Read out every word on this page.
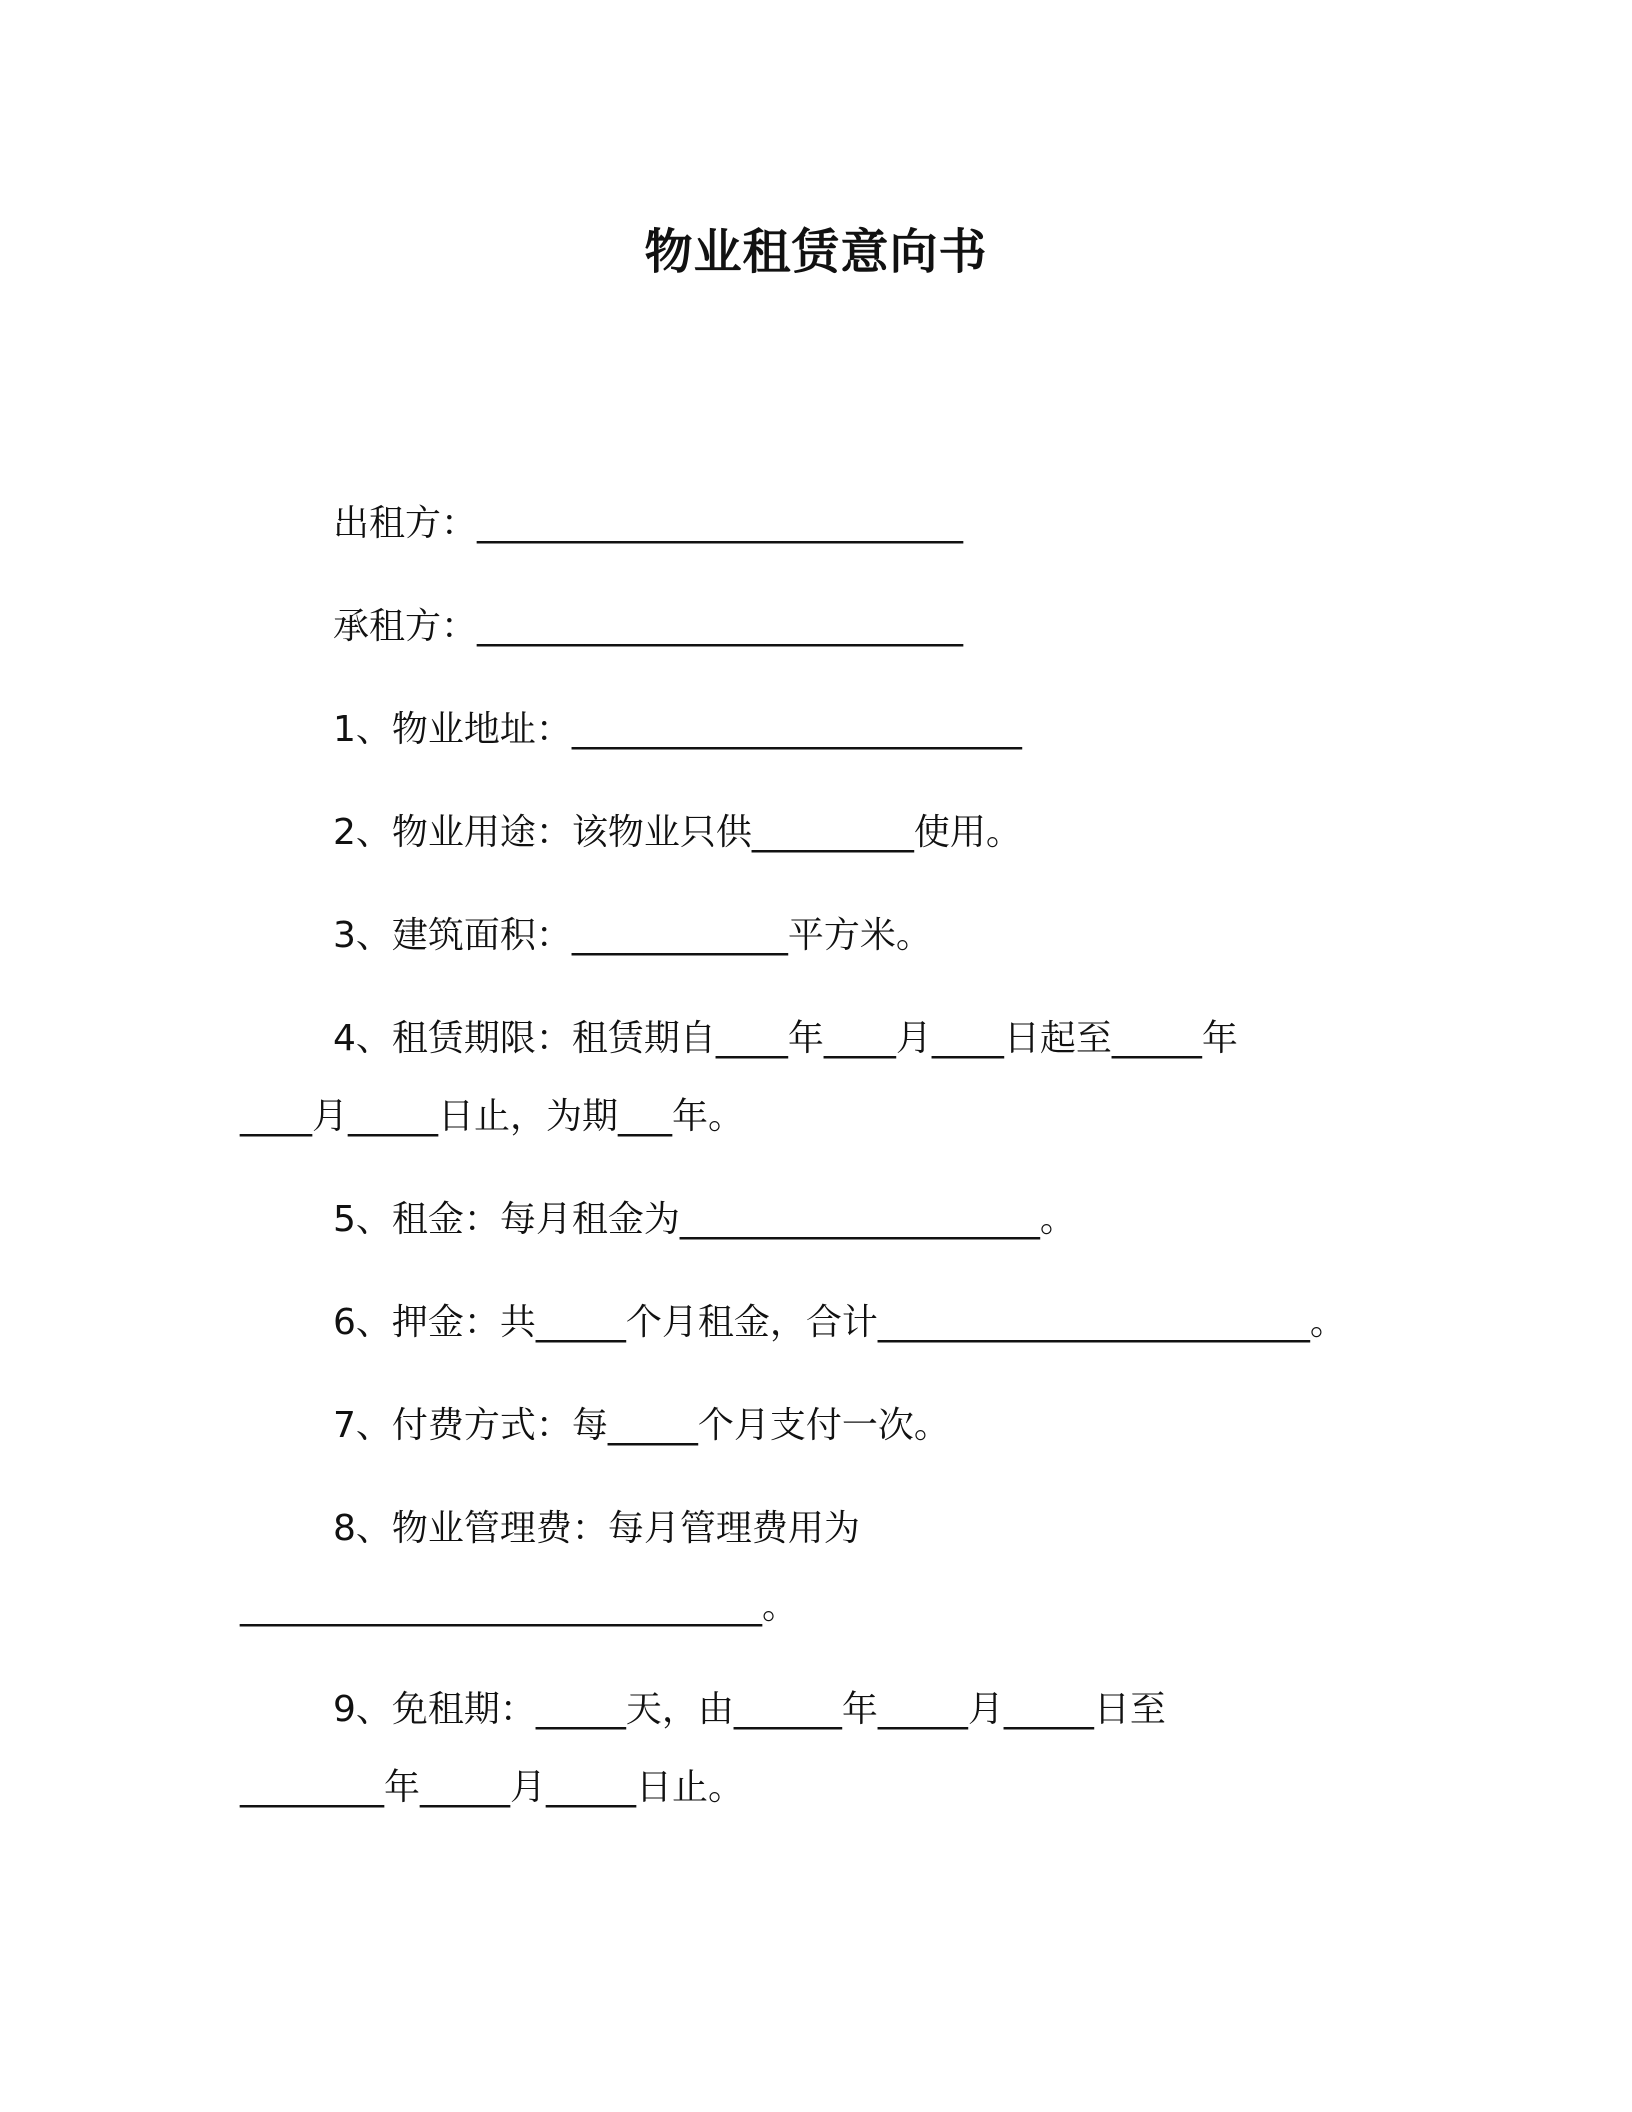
物业租赁意向书
出租方：___________________________
承租方：___________________________
1、物业地址：_________________________
2、物业用途：该物业只供_________使用。
3、建筑面积：____________平方米。
4、租赁期限：租赁期自____年____月____日起至_____年
____月_____日止，为期___年。
5、租金：每月租金为____________________。
6、押金：共_____个月租金，合计________________________。
7、付费方式：每_____个月支付一次。
8、物业管理费：每月管理费用为
_____________________________。
9、免租期：_____天，由______年_____月_____日至
________年_____月_____日止。
